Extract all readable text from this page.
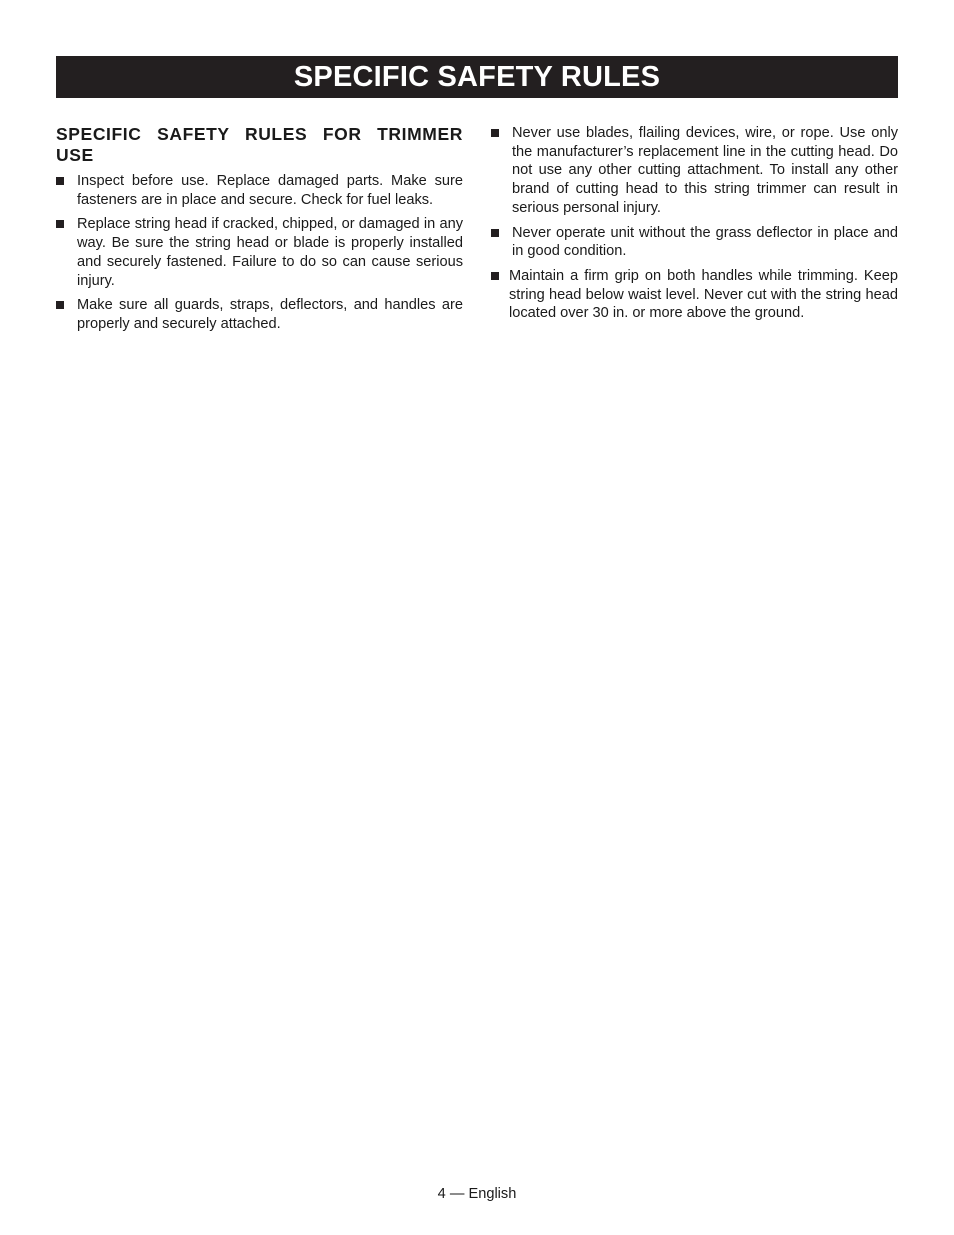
SPECIFIC SAFETY RULES
SPECIFIC SAFETY RULES FOR TRIMMER USE
Inspect before use. Replace damaged parts. Make sure fasteners are in place and secure. Check for fuel leaks.
Replace string head if cracked, chipped, or damaged in any way. Be sure the string head or blade is properly installed and securely fastened. Failure to do so can cause serious injury.
Make sure all guards, straps, deflectors, and handles are properly and securely attached.
Never use blades, flailing devices, wire, or rope. Use only the manufacturer’s replacement line in the cutting head. Do not use any other cutting attachment. To install any other brand of cutting head to this string trimmer can result in serious personal injury.
Never operate unit without the grass deflector in place and in good condition.
Maintain a firm grip on both handles while trimming. Keep string head below waist level. Never cut with the string head located over 30 in. or more above the ground.
4 — English
